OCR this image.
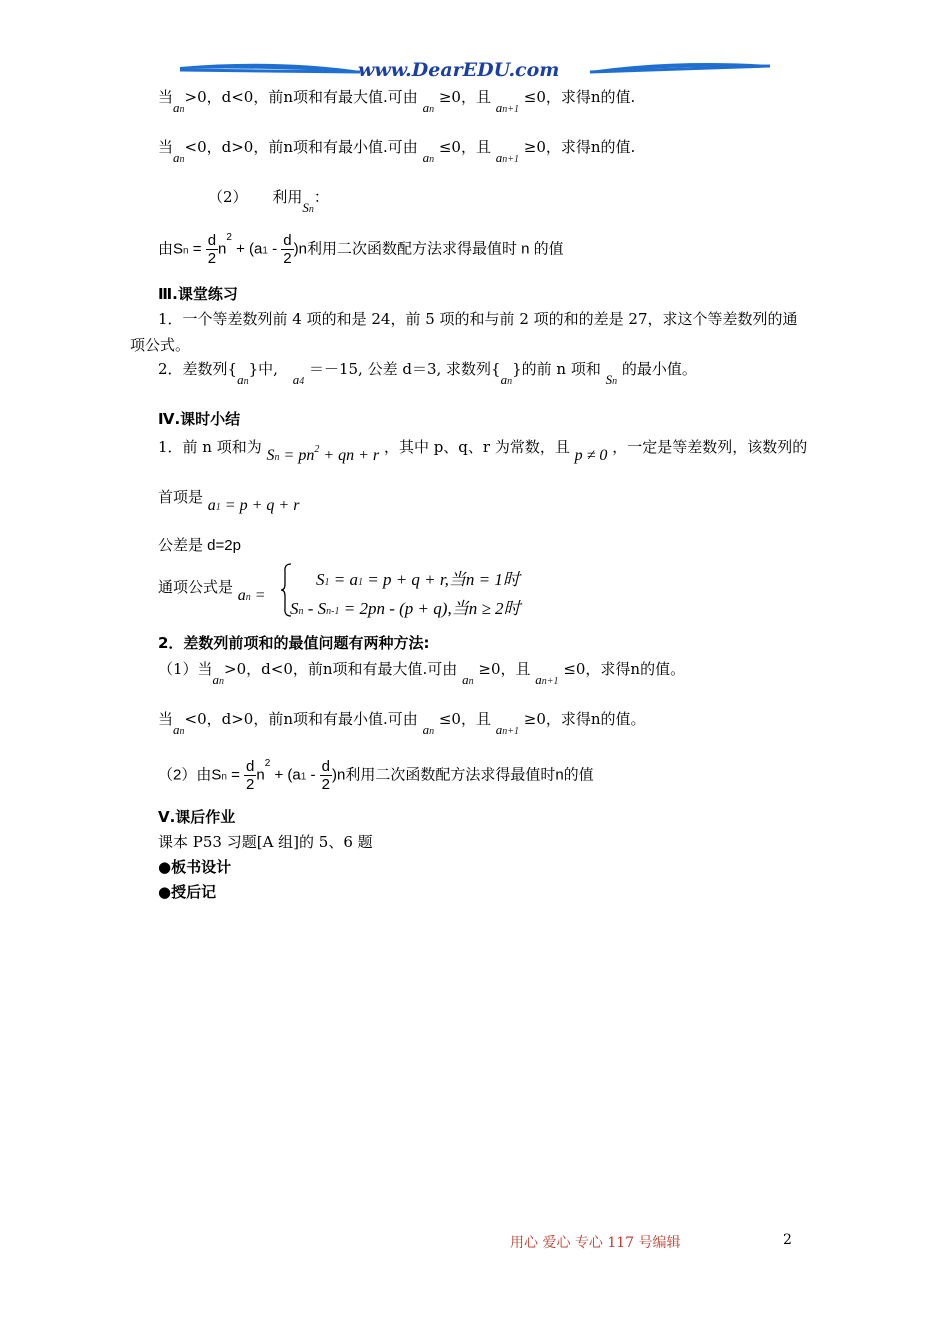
www.DearEDU.com
当an>0，d<0，前n项和有最大值.可由 an ≥0，且 an+1 ≤0，求得n的值.
当an<0，d>0，前n项和有最小值.可由 an ≤0，且 an+1 ≥0，求得n的值.
（2） 利用Sn：
由$Sn = \frac{d}{2} n^2 + (a1 - \frac{d}{2} )n$利用二次函数配方法求得最值时 n 的值
Ⅲ.课堂练习
1．一个等差数列前 4 项的和是 24，前 5 项的和与前 2 项的和的差是 27，求这个等差数列的通
项公式。
2．差数列{an}中, a4 ＝－15, 公差 d＝3, 求数列{an}的前 n 项和 Sn 的最小值。
Ⅳ.课时小结
1．前 n 项和为 $Sn = pn^2$ + qn + r ，其中 p、q、r 为常数，且 p ≠ 0 ，一定是等差数列，该数列的
首项是 a1 = p + q + r
公差是 d=2p
通项公式是 an =
S1 = a1 = p + q + r,当n = 1时
Sn - Sn-1 = 2pn - (p + q),当n ≥ 2时
2．差数列前项和的最值问题有两种方法:
（1）当an>0，d<0，前n项和有最大值.可由 an ≥0，且 an+1 ≤0，求得n的值。
当an<0，d>0，前n项和有最小值.可由 an ≤0，且 an+1 ≥0，求得n的值。
（2）由$Sn = \frac{d}{2} n^2 + (a1 - \frac{d}{2} )n$利用二次函数配方法求得最值时n的值
Ⅴ.课后作业
课本 P53 习题[A 组]的 5、6 题
●板书设计
●授后记
用心 爱心 专心 117 号编辑	2
